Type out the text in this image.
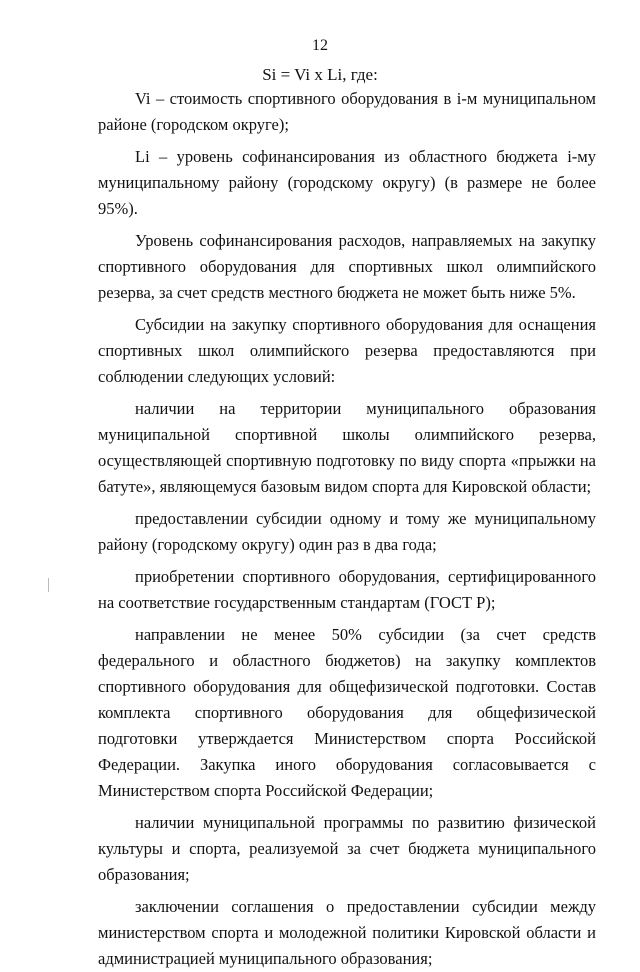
12
Si = Vi x Li, где:

Vi – стоимость спортивного оборудования в i-м муниципальном районе (городском округе);

Li – уровень софинансирования из областного бюджета i-му муниципальному району (городскому округу) (в размере не более 95%).

Уровень софинансирования расходов, направляемых на закупку спортивного оборудования для спортивных школ олимпийского резерва, за счет средств местного бюджета не может быть ниже 5%.

Субсидии на закупку спортивного оборудования для оснащения спортивных школ олимпийского резерва предоставляются при соблюдении следующих условий:

наличии на территории муниципального образования муниципальной спортивной школы олимпийского резерва, осуществляющей спортивную подготовку по виду спорта «прыжки на батуте», являющемуся базовым видом спорта для Кировской области;

предоставлении субсидии одному и тому же муниципальному району (городскому округу) один раз в два года;

приобретении спортивного оборудования, сертифицированного на соответствие государственным стандартам (ГОСТ Р);

направлении не менее 50% субсидии (за счет средств федерального и областного бюджетов) на закупку комплектов спортивного оборудования для общефизической подготовки. Состав комплекта спортивного оборудования для общефизической подготовки утверждается Министерством спорта Российской Федерации. Закупка иного оборудования согласовывается с Министерством спорта Российской Федерации;

наличии муниципальной программы по развитию физической культуры и спорта, реализуемой за счет бюджета муниципального образования;

заключении соглашения о предоставлении субсидии между министерством спорта и молодежной политики Кировской области и администрацией муниципального образования;
